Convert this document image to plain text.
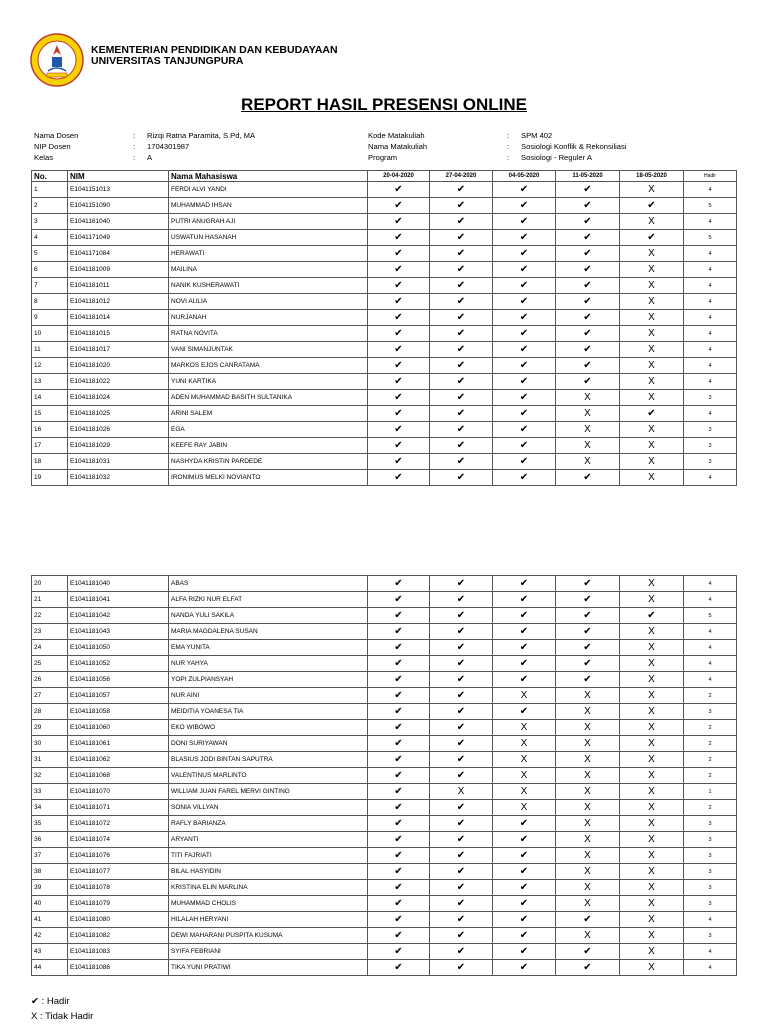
KEMENTERIAN PENDIDIKAN DAN KEBUDAYAAN
UNIVERSITAS TANJUNGPURA
REPORT HASIL PRESENSI ONLINE
Nama Dosen	:	Rizqi Ratna Paramita, S.Pd, MA
NIP Dosen	:	1704301987
Kelas	:	A
Kode Matakuliah	:	SPM 402
Nama Matakuliah	:	Sosiologi Konflik & Rekonsiliasi
Program	:	Sosiologi - Reguler A
No.	NIM	Nama Mahasiswa	20-04-2020	27-04-2020	04-05-2020	11-05-2020	18-05-2020	Hadir
1	E1041151013	FERDI ALVI YANDI	✔	✔	✔	✔	X	4
2	E1041151090	MUHAMMAD IHSAN	✔	✔	✔	✔	✔	5
3	E1041161040	PUTRI ANUGRAH AJI	✔	✔	✔	✔	X	4
4	E1041171049	USWATUN HASANAH	✔	✔	✔	✔	✔	5
5	E1041171084	HERAWATI	✔	✔	✔	✔	X	4
6	E1041181009	MAILINA	✔	✔	✔	✔	X	4
7	E1041181011	NANIK KUSHERAWATI	✔	✔	✔	✔	X	4
8	E1041181012	NOVI AULIA	✔	✔	✔	✔	X	4
9	E1041181014	NURJANAH	✔	✔	✔	✔	X	4
10	E1041181015	RATNA NOVITA	✔	✔	✔	✔	X	4
11	E1041181017	VANI SIMANJUNTAK	✔	✔	✔	✔	X	4
12	E1041181020	MARKOS EJOS CANRATAMA	✔	✔	✔	✔	X	4
13	E1041181022	YUNI KARTIKA	✔	✔	✔	✔	X	4
14	E1041181024	ADEN MUHAMMAD BASITH SULTANIKA	✔	✔	✔	X	X	3
15	E1041181025	ARINI SALEM	✔	✔	✔	X	✔	4
16	E1041181026	EGA	✔	✔	✔	X	X	3
17	E1041181029	KEEFE RAY JABIN	✔	✔	✔	X	X	3
18	E1041181031	NASHYDA KRISTIN PARDEDE	✔	✔	✔	X	X	3
19	E1041181032	IRONIMUS MELKI NOVIANTO	✔	✔	✔	✔	X	4
20	E1041181040	ABAS	✔	✔	✔	✔	X	4
21	E1041181041	ALFA RIZKI NUR ELFAT	✔	✔	✔	✔	X	4
22	E1041181042	NANDA YULI SAKILA	✔	✔	✔	✔	✔	5
23	E1041181043	MARIA MAGDALENA SUSAN	✔	✔	✔	✔	X	4
24	E1041181050	EMA YUNITA	✔	✔	✔	✔	X	4
25	E1041181052	NUR YAHYA	✔	✔	✔	✔	X	4
26	E1041181056	YOPI ZULPIANSYAH	✔	✔	✔	✔	X	4
27	E1041181057	NUR AINI	✔	✔	X	X	X	2
28	E1041181058	MEIDITIA YOANESA TIA	✔	✔	✔	X	X	3
29	E1041181060	EKO WIBOWO	✔	✔	X	X	X	2
30	E1041181061	DONI SURIYAWAN	✔	✔	X	X	X	2
31	E1041181062	BLASIUS JODI BINTAN SAPUTRA	✔	✔	X	X	X	2
32	E1041181068	VALENTINUS MARLINTO	✔	✔	X	X	X	2
33	E1041181070	WILLIAM JUAN FAREL MERVI GINTING	✔	X	X	X	X	1
34	E1041181071	SONIA VILLYAN	✔	✔	X	X	X	2
35	E1041181072	RAFLY BARIANZA	✔	✔	✔	X	X	3
36	E1041181074	ARYANTI	✔	✔	✔	X	X	3
37	E1041181076	TITI FAJRIATI	✔	✔	✔	X	X	3
38	E1041181077	BILAL HASYIDIN	✔	✔	✔	X	X	3
39	E1041181078	KRISTINA ELIN MARLINA	✔	✔	✔	X	X	3
40	E1041181079	MUHAMMAD CHOLIS	✔	✔	✔	X	X	3
41	E1041181080	HILALAH HERYANI	✔	✔	✔	✔	X	4
42	E1041181082	DEWI MAHARANI PUSPITA KUSUMA	✔	✔	✔	X	X	3
43	E1041181083	SYIFA FEBRIANI	✔	✔	✔	✔	X	4
44	E1041181086	TIKA YUNI PRATIWI	✔	✔	✔	✔	X	4
✔ : Hadir
X : Tidak Hadir
